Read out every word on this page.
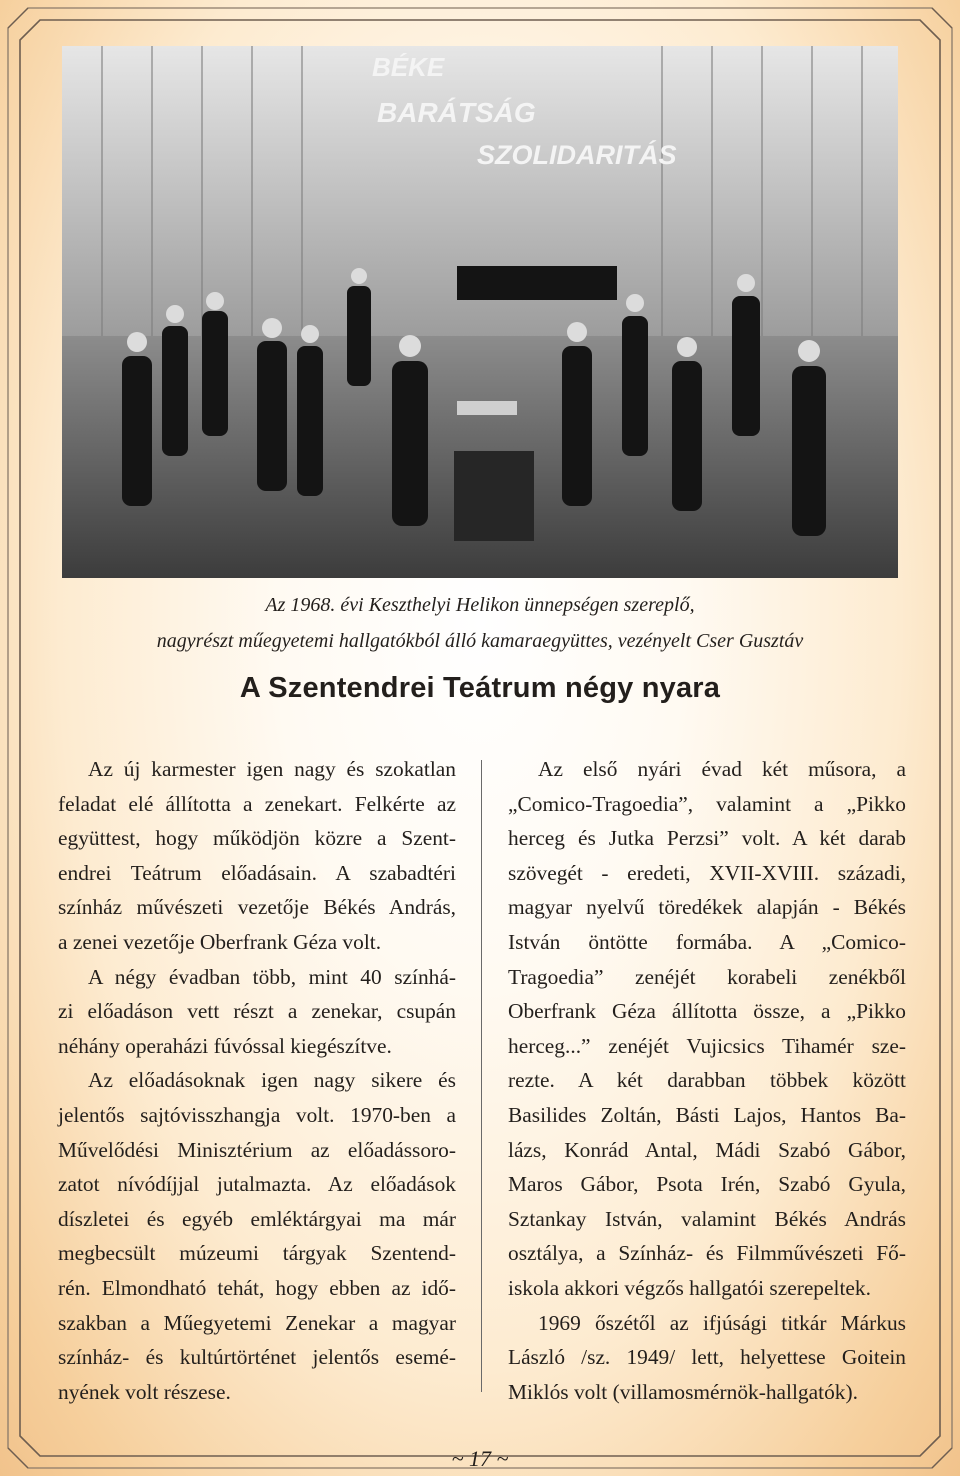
BÉKE
BARÁTSÁG
SZOLIDARITÁS
Az 1968. évi Keszthelyi Helikon ünnepségen szereplő,
nagyrészt műegyetemi hallgatókból álló kamaraegyüttes, vezényelt Cser Gusztáv
A Szentendrei Teátrum négy nyara
Az új karmester igen nagy és szokatlan
feladat elé állította a zenekart. Felkérte az
együttest, hogy működjön közre a Szent-
endrei Teátrum előadásain. A szabadtéri
színház művészeti vezetője Békés András,
a zenei vezetője Oberfrank Géza volt.
A négy évadban több, mint 40 színhá-
zi előadáson vett részt a zenekar, csupán
néhány operaházi fúvóssal kiegészítve.
Az előadásoknak igen nagy sikere és
jelentős sajtóvisszhangja volt. 1970-ben a
Művelődési Minisztérium az előadássoro-
zatot nívódíjjal jutalmazta. Az előadások
díszletei és egyéb emléktárgyai ma már
megbecsült múzeumi tárgyak Szentend-
rén. Elmondható tehát, hogy ebben az idő-
szakban a Műegyetemi Zenekar a magyar
színház- és kultúrtörténet jelentős esemé-
nyének volt részese.
Az első nyári évad két műsora, a
„Comico-Tragoedia”, valamint a „Pikko
herceg és Jutka Perzsi” volt. A két darab
szövegét - eredeti, XVII-XVIII. századi,
magyar nyelvű töredékek alapján - Békés
István öntötte formába. A „Comico-
Tragoedia” zenéjét korabeli zenékből
Oberfrank Géza állította össze, a „Pikko
herceg...” zenéjét Vujicsics Tihamér sze-
rezte. A két darabban többek között
Basilides Zoltán, Básti Lajos, Hantos Ba-
lázs, Konrád Antal, Mádi Szabó Gábor,
Maros Gábor, Psota Irén, Szabó Gyula,
Sztankay István, valamint Békés András
osztálya, a Színház- és Filmművészeti Fő-
iskola akkori végzős hallgatói szerepeltek.
1969 őszétől az ifjúsági titkár Márkus
László /sz. 1949/ lett, helyettese Goitein
Miklós volt (villamosmérnök-hallgatók).
~ 17 ~
